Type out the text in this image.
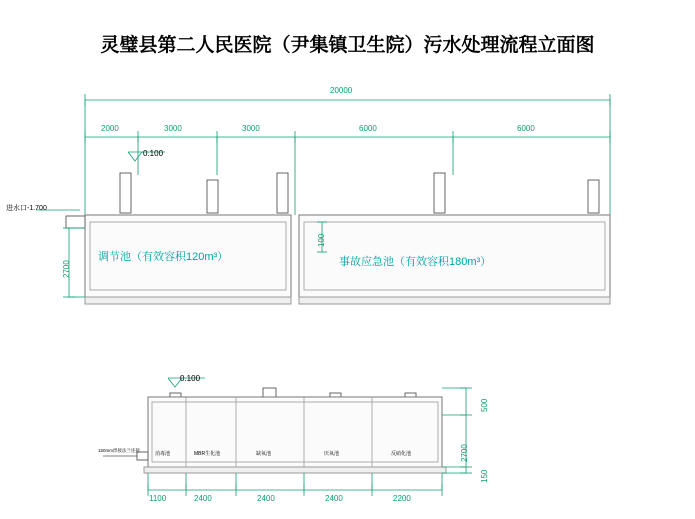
灵璧县第二人民医院（尹集镇卫生院）污水处理流程立面图
20000
2000	3000	3000	6000	6000
0.100
进水口-1.700
2700
100
调节池（有效容积120m³）	事故应急池（有效容积180m³）
0.100
150mm焊接法兰连接
消毒池	MBR生化池	缺氧池	厌氧池	反硝化池
1100	2400	2400	2400	2200
500
2700
150
